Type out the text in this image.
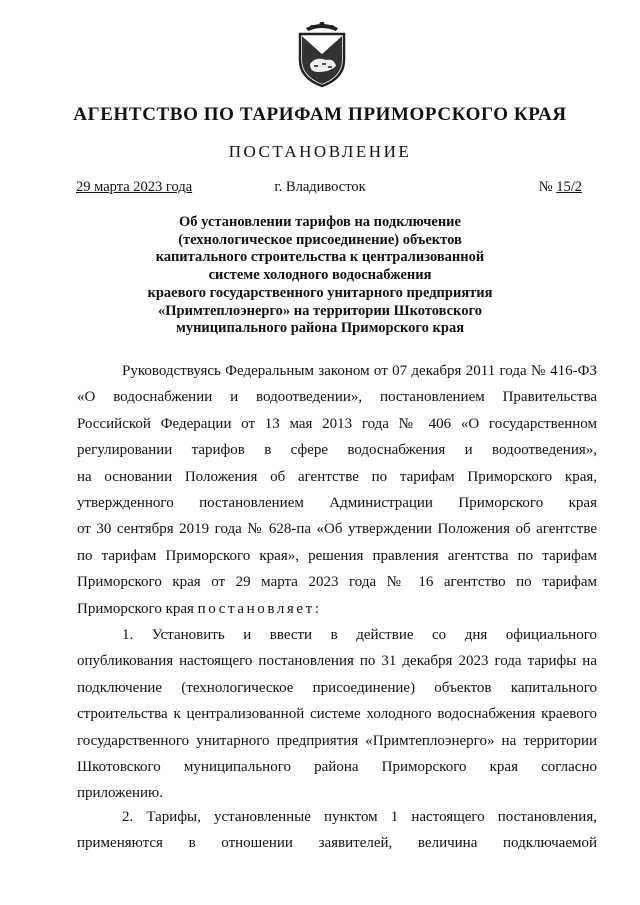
АГЕНТСТВО ПО ТАРИФАМ ПРИМОРСКОГО КРАЯ
ПОСТАНОВЛЕНИЕ
29 марта 2023 года	г. Владивосток	№ 15/2
Об установлении тарифов на подключение
(технологическое присоединение) объектов
капитального строительства к централизованной
системе холодного водоснабжения
краевого государственного унитарного предприятия
«Примтеплоэнерго» на территории Шкотовского
муниципального района Приморского края

Руководствуясь Федеральным законом от 07 декабря 2011 года № 416-ФЗ

«О водоснабжении и водоотведении», постановлением Правительства

Российской Федерации от 13 мая 2013 года № 406 «О государственном

регулировании тарифов в сфере водоснабжения и водоотведения»,

на основании Положения об агентстве по тарифам Приморского края,

утвержденного постановлением Администрации Приморского края

от 30 сентября 2019 года № 628-па «Об утверждении Положения об агентстве

по тарифам Приморского края», решения правления агентства по тарифам

Приморского края от 29 марта 2023 года № 16 агентство по тарифам

Приморского края постановляет:

1. Установить и ввести в действие со дня официального

опубликования настоящего постановления по 31 декабря 2023 года тарифы на

подключение (технологическое присоединение) объектов капитального

строительства к централизованной системе холодного водоснабжения краевого

государственного унитарного предприятия «Примтеплоэнерго» на территории

Шкотовского муниципального района Приморского края согласно

приложению.

2. Тарифы, установленные пунктом 1 настоящего постановления,

применяются в отношении заявителей, величина подключаемой
